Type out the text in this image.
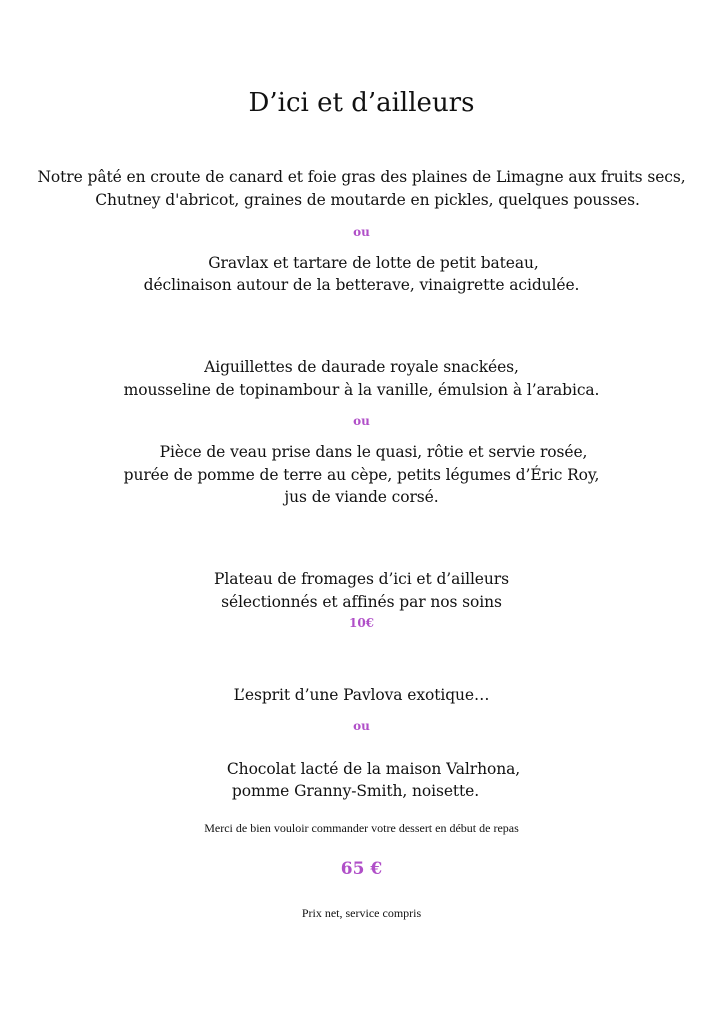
D’ici et d’ailleurs
Notre pâté en croute de canard et foie gras des plaines de Limagne aux fruits secs,
Chutney d'abricot, graines de moutarde en pickles, quelques pousses.
ou
Gravlax et tartare de lotte de petit bateau,
déclinaison autour de la betterave, vinaigrette acidulée.
Aiguillettes de daurade royale snackées,
mousseline de topinambour à la vanille, émulsion à l’arabica.
ou
Pièce de veau prise dans le quasi, rôtie et servie rosée,
purée de pomme de terre au cèpe, petits légumes d’Éric Roy,
jus de viande corsé.
Plateau de fromages d’ici et d’ailleurs
sélectionnés et affinés par nos soins
10€
L’esprit d’une Pavlova exotique…
ou
Chocolat lacté de la maison Valrhona,
pomme Granny-Smith, noisette.
Merci de bien vouloir commander votre dessert en début de repas
65 €
Prix net, service compris
